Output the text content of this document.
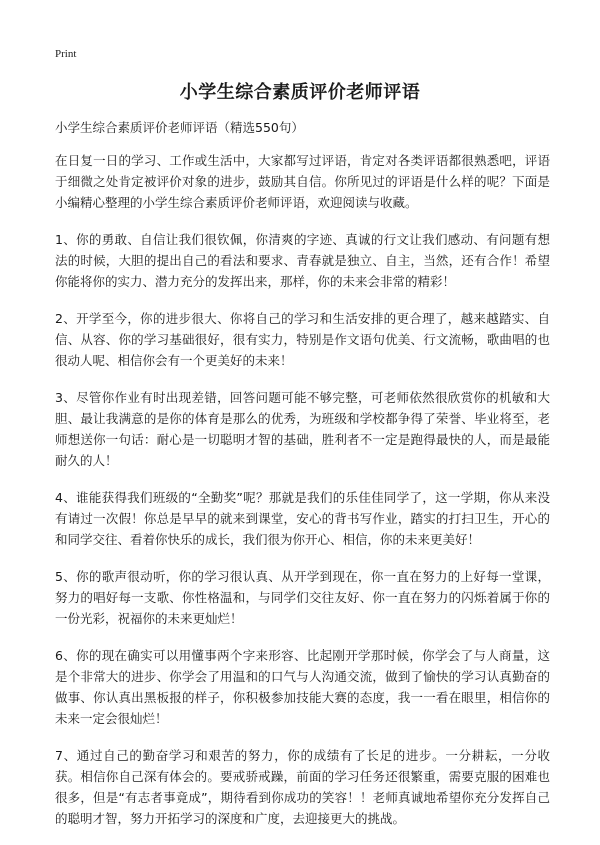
Print
小学生综合素质评价老师评语

小学生综合素质评价老师评语（精选550句）

在日复一日的学习、工作或生活中，大家都写过评语，肯定对各类评语都很熟悉吧，评语于细微之处肯定被评价对象的进步，鼓励其自信。你所见过的评语是什么样的呢？下面是小编精心整理的小学生综合素质评价老师评语，欢迎阅读与收藏。

1、你的勇敢、自信让我们很钦佩，你清爽的字迹、真诚的行文让我们感动、有问题有想法的时候，大胆的提出自己的看法和要求、青春就是独立、自主，当然，还有合作！希望你能将你的实力、潜力充分的发挥出来，那样，你的未来会非常的精彩！

2、开学至今，你的进步很大、你将自己的学习和生活安排的更合理了，越来越踏实、自信、从容、你的学习基础很好，很有实力，特别是作文语句优美、行文流畅，歌曲唱的也很动人呢、相信你会有一个更美好的未来！

3、尽管你作业有时出现差错，回答问题可能不够完整，可老师依然很欣赏你的机敏和大胆、最让我满意的是你的体育是那么的优秀，为班级和学校都争得了荣誉、毕业将至，老师想送你一句话：耐心是一切聪明才智的基础，胜利者不一定是跑得最快的人，而是最能耐久的人！

4、谁能获得我们班级的“全勤奖”呢？那就是我们的乐佳佳同学了，这一学期，你从来没有请过一次假！你总是早早的就来到课堂，安心的背书写作业，踏实的打扫卫生，开心的和同学交往、看着你快乐的成长，我们很为你开心、相信，你的未来更美好！

5、你的歌声很动听，你的学习很认真、从开学到现在，你一直在努力的上好每一堂课，努力的唱好每一支歌、你性格温和，与同学们交往友好、你一直在努力的闪烁着属于你的一份光彩，祝福你的未来更灿烂！

6、你的现在确实可以用懂事两个字来形容、比起刚开学那时候，你学会了与人商量，这是个非常大的进步、你学会了用温和的口气与人沟通交流，做到了愉快的学习认真勤奋的做事、你认真出黑板报的样子，你积极参加技能大赛的态度，我一一看在眼里，相信你的未来一定会很灿烂！

7、通过自己的勤奋学习和艰苦的努力，你的成绩有了长足的进步。一分耕耘，一分收获。相信你自己深有体会的。要戒骄戒躁，前面的学习任务还很繁重，需要克服的困难也很多，但是“有志者事竟成”，期待看到你成功的笑容！！老师真诚地希望你充分发挥自己的聪明才智，努力开拓学习的深度和广度，去迎接更大的挑战。
